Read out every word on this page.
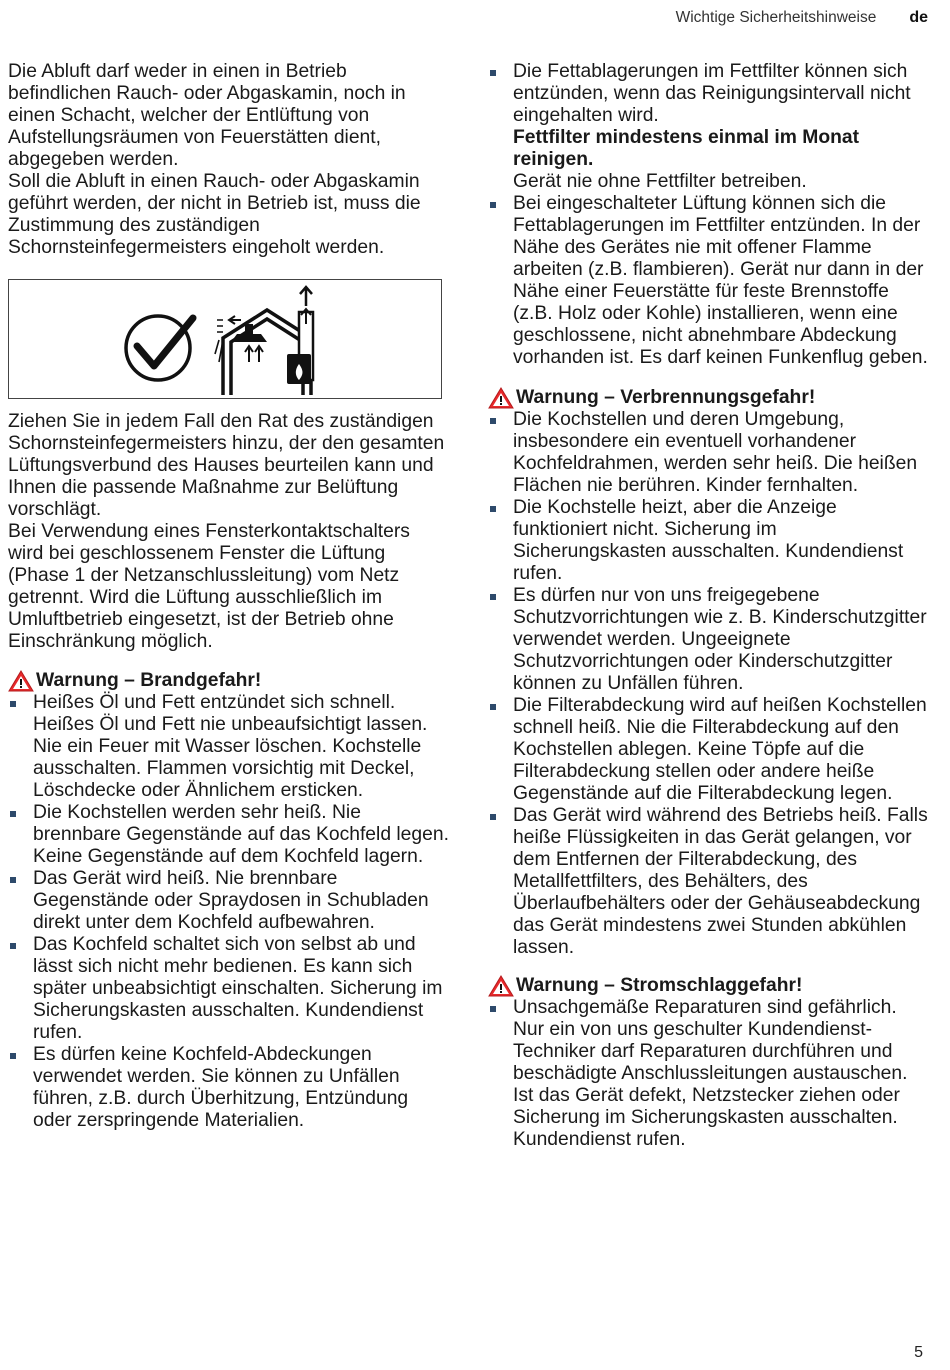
Wichtige Sicherheitshinweise de

Die Abluft darf weder in einen in Betrieb befindlichen Rauch- oder Abgaskamin, noch in einen Schacht, welcher der Entlüftung von Aufstellungsräumen von Feuerstätten dient, abgegeben werden.

Soll die Abluft in einen Rauch- oder Abgaskamin geführt werden, der nicht in Betrieb ist, muss die Zustimmung des zuständigen Schornsteinfegermeisters eingeholt werden.

Ziehen Sie in jedem Fall den Rat des zuständigen Schornsteinfegermeisters hinzu, der den gesamten Lüftungsverbund des Hauses beurteilen kann und Ihnen die passende Maßnahme zur Belüftung vorschlägt.

Bei Verwendung eines Fensterkontaktschalters wird bei geschlossenem Fenster die Lüftung (Phase 1 der Netzanschlussleitung) vom Netz getrennt. Wird die Lüftung ausschließlich im Umluftbetrieb eingesetzt, ist der Betrieb ohne Einschränkung möglich.

Warnung – Brandgefahr!
Heißes Öl und Fett entzündet sich schnell. Heißes Öl und Fett nie unbeaufsichtigt lassen. Nie ein Feuer mit Wasser löschen. Kochstelle ausschalten. Flammen vorsichtig mit Deckel, Löschdecke oder Ähnlichem ersticken.
Die Kochstellen werden sehr heiß. Nie brennbare Gegenstände auf das Kochfeld legen. Keine Gegenstände auf dem Kochfeld lagern.
Das Gerät wird heiß. Nie brennbare Gegenstände oder Spraydosen in Schubladen direkt unter dem Kochfeld aufbewahren.
Das Kochfeld schaltet sich von selbst ab und lässt sich nicht mehr bedienen. Es kann sich später unbeabsichtigt einschalten. Sicherung im Sicherungskasten ausschalten. Kundendienst rufen.
Es dürfen keine Kochfeld-Abdeckungen verwendet werden. Sie können zu Unfällen führen, z.B. durch Überhitzung, Entzündung oder zerspringende Materialien.
Die Fettablagerungen im Fettfilter können sich entzünden, wenn das Reinigungsintervall nicht eingehalten wird.
Fettfilter mindestens einmal im Monat reinigen.
Gerät nie ohne Fettfilter betreiben.
Bei eingeschalteter Lüftung können sich die Fettablagerungen im Fettfilter entzünden. In der Nähe des Gerätes nie mit offener Flamme arbeiten (z.B. flambieren). Gerät nur dann in der Nähe einer Feuerstätte für feste Brennstoffe (z.B. Holz oder Kohle) installieren, wenn eine geschlossene, nicht abnehmbare Abdeckung vorhanden ist. Es darf keinen Funkenflug geben.
Warnung – Verbrennungsgefahr!
Die Kochstellen und deren Umgebung, insbesondere ein eventuell vorhandener Kochfeldrahmen, werden sehr heiß. Die heißen Flächen nie berühren. Kinder fernhalten.
Die Kochstelle heizt, aber die Anzeige funktioniert nicht. Sicherung im Sicherungskasten ausschalten. Kundendienst rufen.
Es dürfen nur von uns freigegebene Schutzvorrichtungen wie z. B. Kinderschutzgitter verwendet werden. Ungeeignete Schutzvorrichtungen oder Kinderschutzgitter können zu Unfällen führen.
Die Filterabdeckung wird auf heißen Kochstellen schnell heiß. Nie die Filterabdeckung auf den Kochstellen ablegen. Keine Töpfe auf die Filterabdeckung stellen oder andere heiße Gegenstände auf die Filterabdeckung legen.
Das Gerät wird während des Betriebs heiß. Falls heiße Flüssigkeiten in das Gerät gelangen, vor dem Entfernen der Filterabdeckung, des Metallfettfilters, des Behälters, des Überlaufbehälters oder der Gehäuseabdeckung das Gerät mindestens zwei Stunden abkühlen lassen.
Warnung – Stromschlaggefahr!
Unsachgemäße Reparaturen sind gefährlich. Nur ein von uns geschulter Kundendienst-Techniker darf Reparaturen durchführen und beschädigte Anschlussleitungen austauschen. Ist das Gerät defekt, Netzstecker ziehen oder Sicherung im Sicherungskasten ausschalten. Kundendienst rufen.
5
